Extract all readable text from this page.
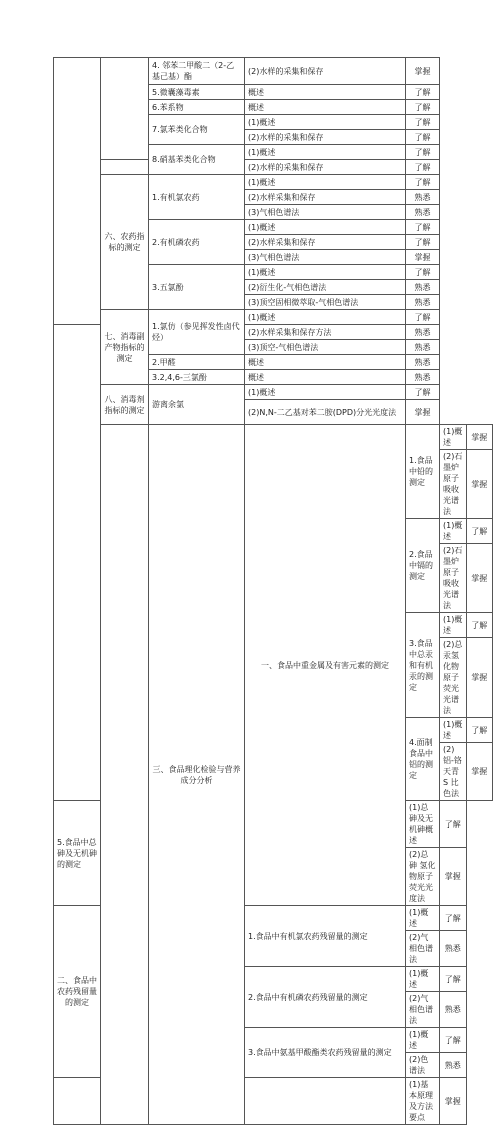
		4. 邻苯二甲酸二（2-乙基己基）酯	(2)水样的采集和保存	掌握		
		5.微囊藻毒素	概述	了解		
		6.苯系物	概述	了解		
		7.氯苯类化合物	(1)概述	了解		
			(2)水样的采集和保存	了解		
		8.硝基苯类化合物	(1)概述	了解		
			(2)水样的采集和保存	了解		
	六、农药指标的测定	1.有机氯农药	(1)概述	了解		
			(2)水样采集和保存	熟悉		
			(3)气相色谱法	熟悉		
		2.有机磷农药	(1)概述	了解		
			(2)水样采集和保存	了解		
			(3)气相色谱法	掌握		
		3.五氯酚	(1)概述	了解		
			(2)衍生化-气相色谱法	熟悉		
			(3)顶空固相微萃取-气相色谱法	熟悉		
	七、消毒副产物指标的测定	1.氯仿（参见挥发性卤代烃）	(1)概述	了解		
			(2)水样采集和保存方法	熟悉		
			(3)顶空-气相色谱法	熟悉		
		2.甲醛	概述	熟悉		
		3.2,4,6-三氯酚	概述	熟悉		
	八、消毒剂指标的测定	游离余氯	(1)概述	了解		
			(2)N,N-二乙基对苯二胺(DPD)分光光度法	掌握		
		三、食品理化检验与营养成分分析	一、食品中重金属及有害元素的测定	1.食品中铅的测定	(1)概述	掌握
					(2)石墨炉原子吸收光谱法	掌握
				2.食品中镉的测定	(1)概述	了解
					(2)石墨炉原子吸收光谱法	掌握
				3.食品中总汞和有机汞的测定	(1)概述	了解
					(2)总汞氢化物 原子荧光光谱法	掌握
				4.面制食品中铝的测定	(1)概述	了解
					(2)铝-铬天青 S 比色法	掌握
5.食品中总砷及无机砷的测定				(1)总砷及无机砷概述	了解	
				(2)总砷 氢化物原子荧光光度法	掌握	
二、食品中农药残留量的测定			1.食品中有机氯农药残留量的测定	(1)概述	了解	
				(2)气相色谱法	熟悉	
			2.食品中有机磷农药残留量的测定	(1)概述	了解	
				(2)气相色谱法	熟悉	
			3.食品中氨基甲酸酯类农药残留量的测定	(1)概述	了解	
				(2)色谱法	熟悉	
				(1)基本原理及方法要点	掌握	
